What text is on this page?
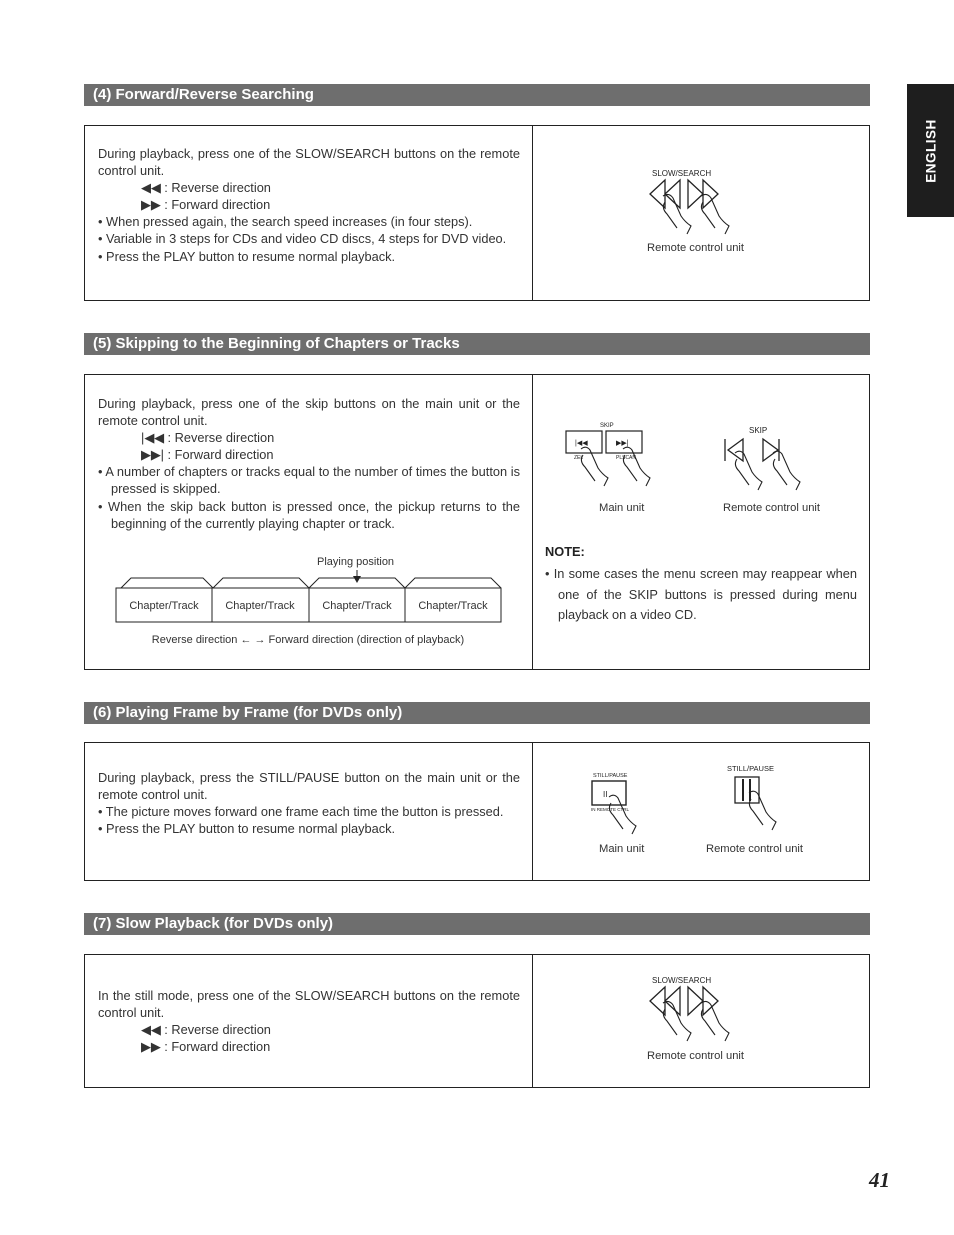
ENGLISH
(4) Forward/Reverse Searching

During playback, press one of the SLOW/SEARCH buttons on the remote control unit.

◀◀ : Reverse direction

▶▶ : Forward direction

• When pressed again, the search speed increases (in four steps).

• Variable in 3 steps for CDs and video CD discs, 4 steps for DVD video.

• Press the PLAY button to resume normal playback.

SLOW/SEARCH
Remote control unit
(5) Skipping to the Beginning of Chapters or Tracks

During playback, press one of the skip buttons on the main unit or the remote control unit.

|◀◀ : Reverse direction

▶▶| : Forward direction

• A number of chapters or tracks equal to the number of times the button is pressed is skipped.

• When the skip back button is pressed once, the pickup returns to the beginning of the currently playing chapter or track.

Playing position
Chapter/Track Chapter/Track	Chapter/Track Chapter/Track
Reverse direction ← → Forward direction (direction of playback)
SKIP
|◀◀	▶▶|
ZEL	PLSCAN
SKIP
Main unit	Remote control unit
NOTE:

• In some cases the menu screen may reappear when one of the SKIP buttons is pressed during menu playback on a video CD.

(6) Playing Frame by Frame (for DVDs only)

During playback, press the STILL/PAUSE button on the main unit or the remote control unit.

• The picture moves forward one frame each time the button is pressed.

• Press the PLAY button to resume normal playback.

STILL/PAUSE
II
IN REMOTE CTRL
STILL/PAUSE
Main unit	Remote control unit
(7) Slow Playback (for DVDs only)

In the still mode, press one of the SLOW/SEARCH buttons on the remote control unit.

◀◀ : Reverse direction

▶▶ : Forward direction

SLOW/SEARCH
Remote control unit
41
